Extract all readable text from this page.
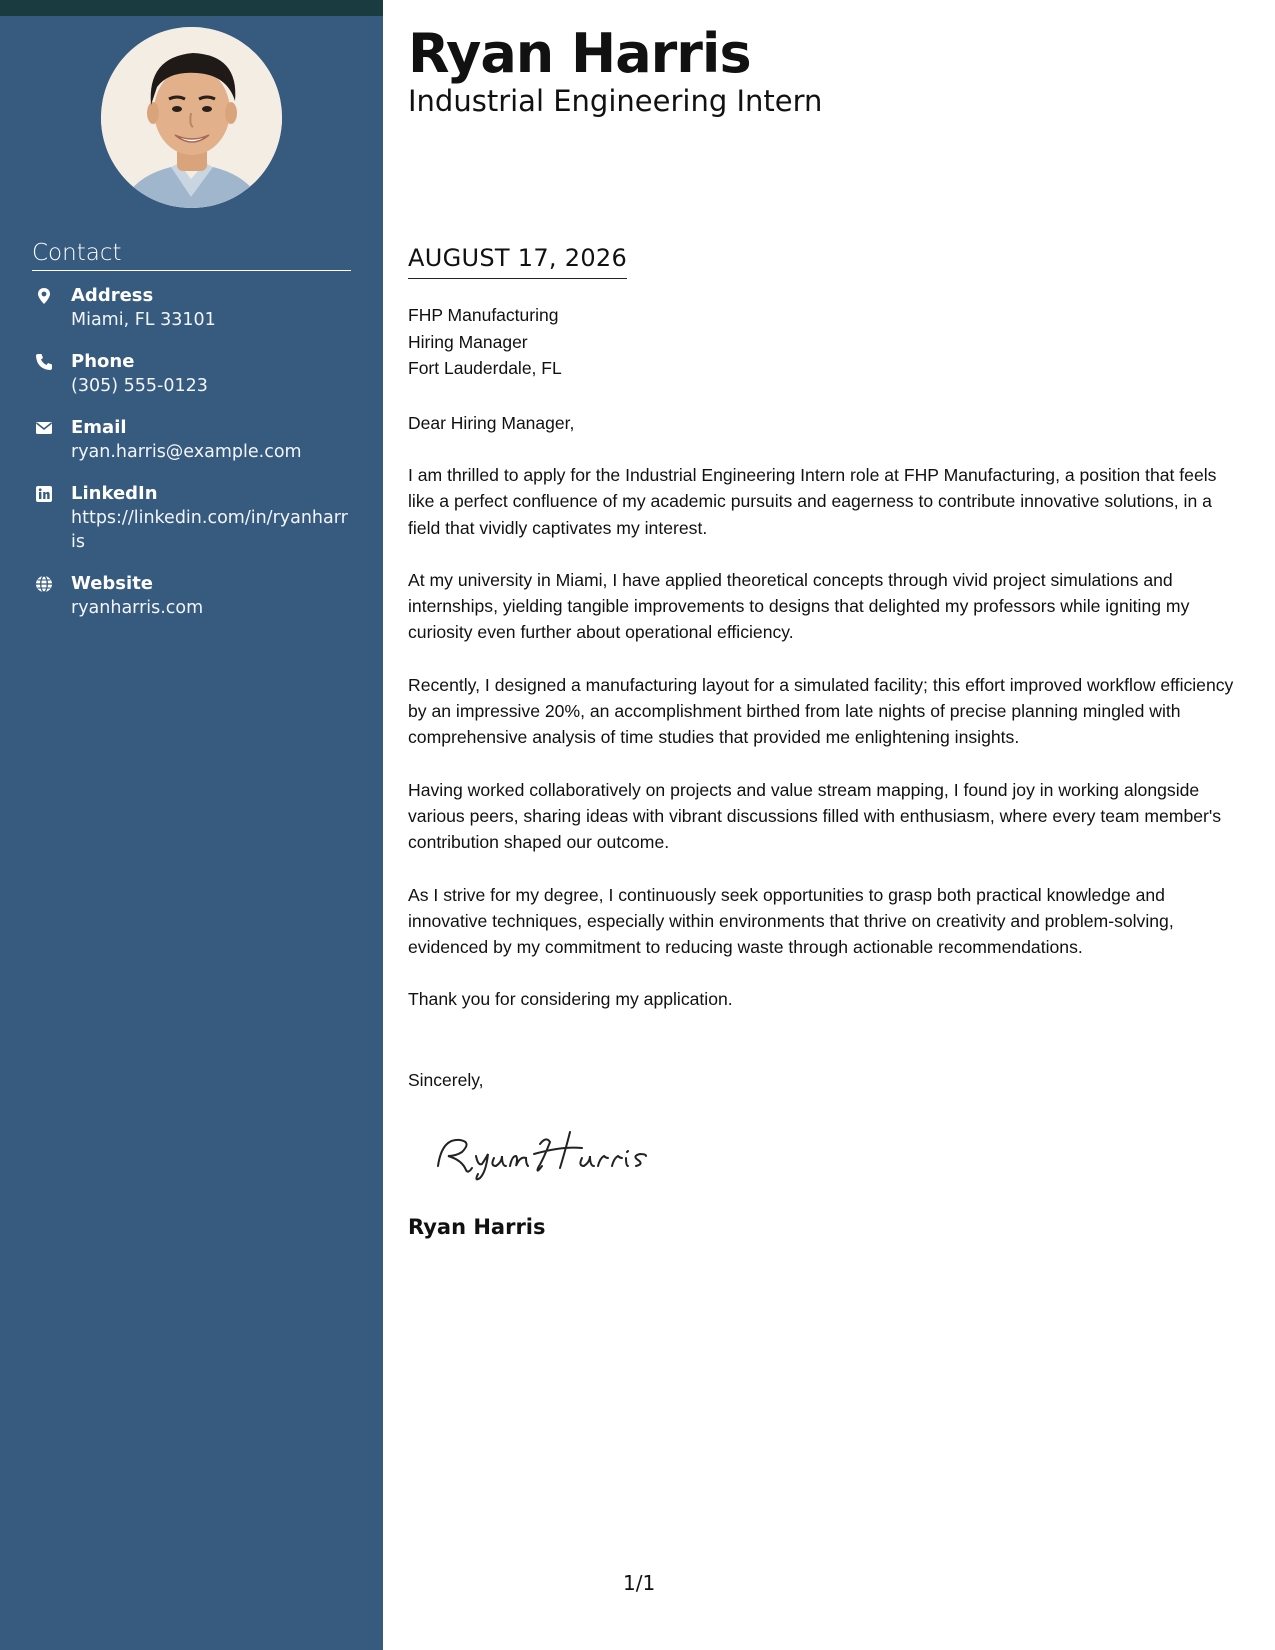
Contact
Address
Miami, FL 33101
Phone
(305) 555-0123
Email
ryan.harris@example.com
LinkedIn
https://linkedin.com/in/ryanharris
Website
ryanharris.com
Ryan Harris
Industrial Engineering Intern
AUGUST 17, 2026
FHP Manufacturing
Hiring Manager
Fort Lauderdale, FL
Dear Hiring Manager,

I am thrilled to apply for the Industrial Engineering Intern role at FHP Manufacturing, a position that feels like a perfect confluence of my academic pursuits and eagerness to contribute innovative solutions, in a field that vividly captivates my interest.

At my university in Miami, I have applied theoretical concepts through vivid project simulations and internships, yielding tangible improvements to designs that delighted my professors while igniting my curiosity even further about operational efficiency.

Recently, I designed a manufacturing layout for a simulated facility; this effort improved workflow efficiency by an impressive 20%, an accomplishment birthed from late nights of precise planning mingled with comprehensive analysis of time studies that provided me enlightening insights.

Having worked collaboratively on projects and value stream mapping, I found joy in working alongside various peers, sharing ideas with vibrant discussions filled with enthusiasm, where every team member's contribution shaped our outcome.

As I strive for my degree, I continuously seek opportunities to grasp both practical knowledge and innovative techniques, especially within environments that thrive on creativity and problem-solving, evidenced by my commitment to reducing waste through actionable recommendations.

Thank you for considering my application.

Sincerely,
Ryan Harris
1/1
